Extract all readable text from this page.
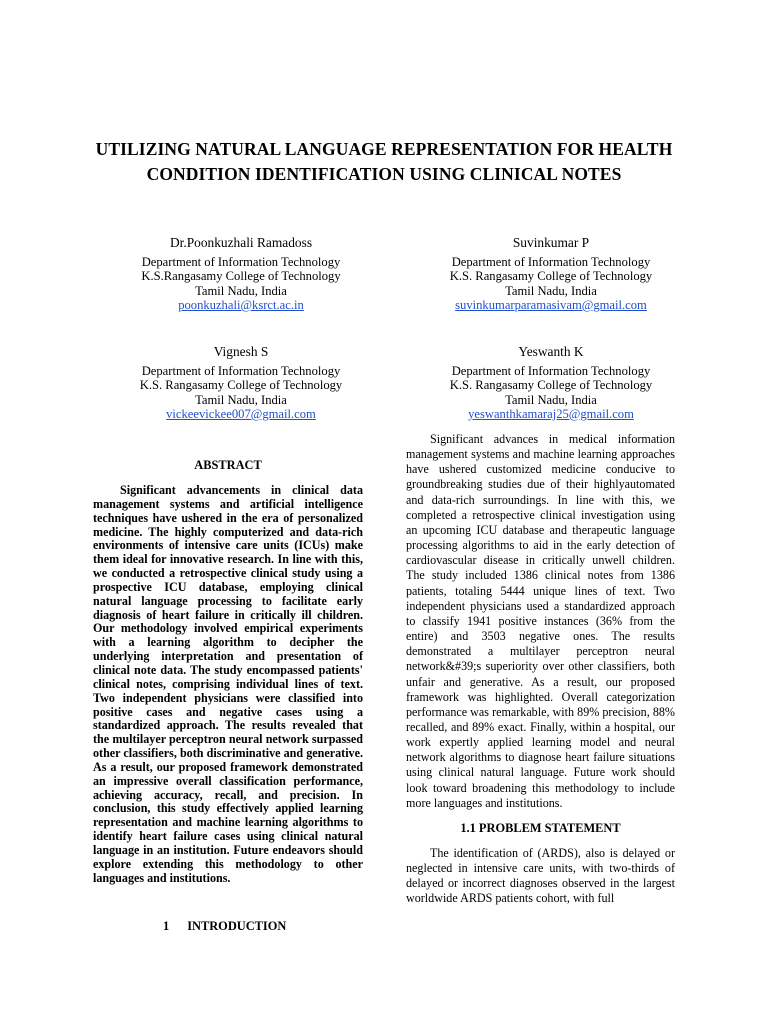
UTILIZING NATURAL LANGUAGE REPRESENTATION FOR HEALTH CONDITION IDENTIFICATION USING CLINICAL NOTES
Dr.Poonkuzhali Ramadoss
Department of Information Technology
K.S.Rangasamy College of Technology
Tamil Nadu, India
poonkuzhali@ksrct.ac.in
Suvinkumar P
Department of Information Technology
K.S. Rangasamy College of Technology
Tamil Nadu, India
suvinkumarparamasivam@gmail.com
Vignesh S
Department of Information Technology
K.S. Rangasamy College of Technology
Tamil Nadu, India
vickeevickee007@gmail.com
Yeswanth K
Department of Information Technology
K.S. Rangasamy College of Technology
Tamil Nadu, India
yeswanthkamaraj25@gmail.com
ABSTRACT

Significant advancements in clinical data management systems and artificial intelligence techniques have ushered in the era of personalized medicine. The highly computerized and data-rich environments of intensive care units (ICUs) make them ideal for innovative research. In line with this, we conducted a retrospective clinical study using a prospective ICU database, employing clinical natural language processing to facilitate early diagnosis of heart failure in critically ill children. Our methodology involved empirical experiments with a learning algorithm to decipher the underlying interpretation and presentation of clinical note data. The study encompassed patients' clinical notes, comprising individual lines of text. Two independent physicians were classified into positive cases and negative cases using a standardized approach. The results revealed that the multilayer perceptron neural network surpassed other classifiers, both discriminative and generative. As a result, our proposed framework demonstrated an impressive overall classification performance, achieving accuracy, recall, and precision. In conclusion, this study effectively applied learning representation and machine learning algorithms to identify heart failure cases using clinical natural language in an institution. Future endeavors should explore extending this methodology to other languages and institutions.

1 INTRODUCTION

Significant advances in medical information management systems and machine learning approaches have ushered customized medicine conducive to groundbreaking studies due of their highlyautomated and data-rich surroundings. In line with this, we completed a retrospective clinical investigation using an upcoming ICU database and therapeutic language processing algorithms to aid in the early detection of cardiovascular disease in critically unwell children. The study included 1386 clinical notes from 1386 patients, totaling 5444 unique lines of text. Two independent physicians used a standardized approach to classify 1941 positive instances (36% from the entire) and 3503 negative ones. The results demonstrated a multilayer perceptron neural network&#39;s superiority over other classifiers, both unfair and generative. As a result, our proposed framework was highlighted. Overall categorization performance was remarkable, with 89% precision, 88% recalled, and 89% exact. Finally, within a hospital, our work expertly applied learning model and neural network algorithms to diagnose heart failure situations using clinical natural language. Future work should look toward broadening this methodology to include more languages and institutions.

1.1 PROBLEM STATEMENT

The identification of (ARDS), also is delayed or neglected in intensive care units, with two-thirds of delayed or incorrect diagnoses observed in the largest worldwide ARDS patients cohort, with full
